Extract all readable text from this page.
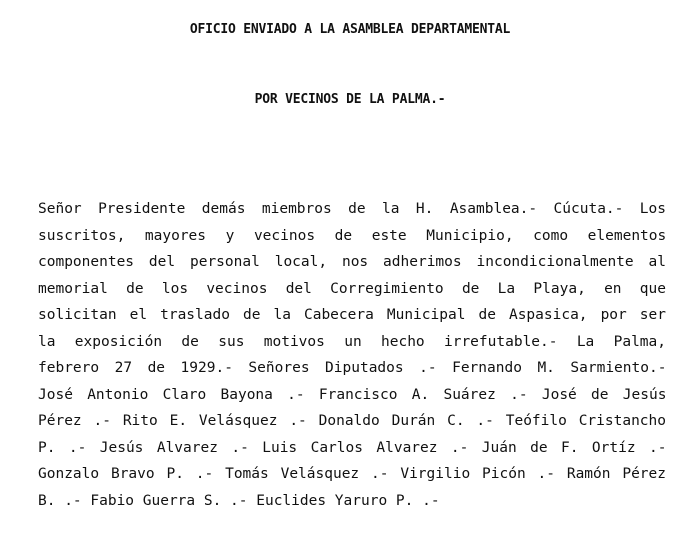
OFICIO ENVIADO A LA ASAMBLEA DEPARTAMENTAL
POR VECINOS DE LA PALMA.-
Señor Presidente demás miembros de la H. Asamblea.- Cúcuta.- Los
suscritos, mayores y vecinos de este Municipio, como elementos
componentes del personal local, nos adherimos incondicionalmente al
memorial de los vecinos del Corregimiento de La Playa, en que
solicitan el traslado de la Cabecera Municipal de Aspasica, por ser
la exposición de sus motivos un hecho irrefutable.- La Palma,
febrero 27 de 1929.- Señores Diputados .- Fernando M. Sarmiento.-
José Antonio Claro Bayona .- Francisco A. Suárez .- José de Jesús
Pérez .- Rito E. Velásquez .- Donaldo Durán C. .- Teófilo Cristancho
P. .- Jesús Alvarez .- Luis Carlos Alvarez .- Juán de F. Ortíz .-
Gonzalo Bravo P. .- Tomás Velásquez .- Virgilio Picón .- Ramón Pérez
B. .- Fabio Guerra S. .- Euclides Yaruro P. .-
